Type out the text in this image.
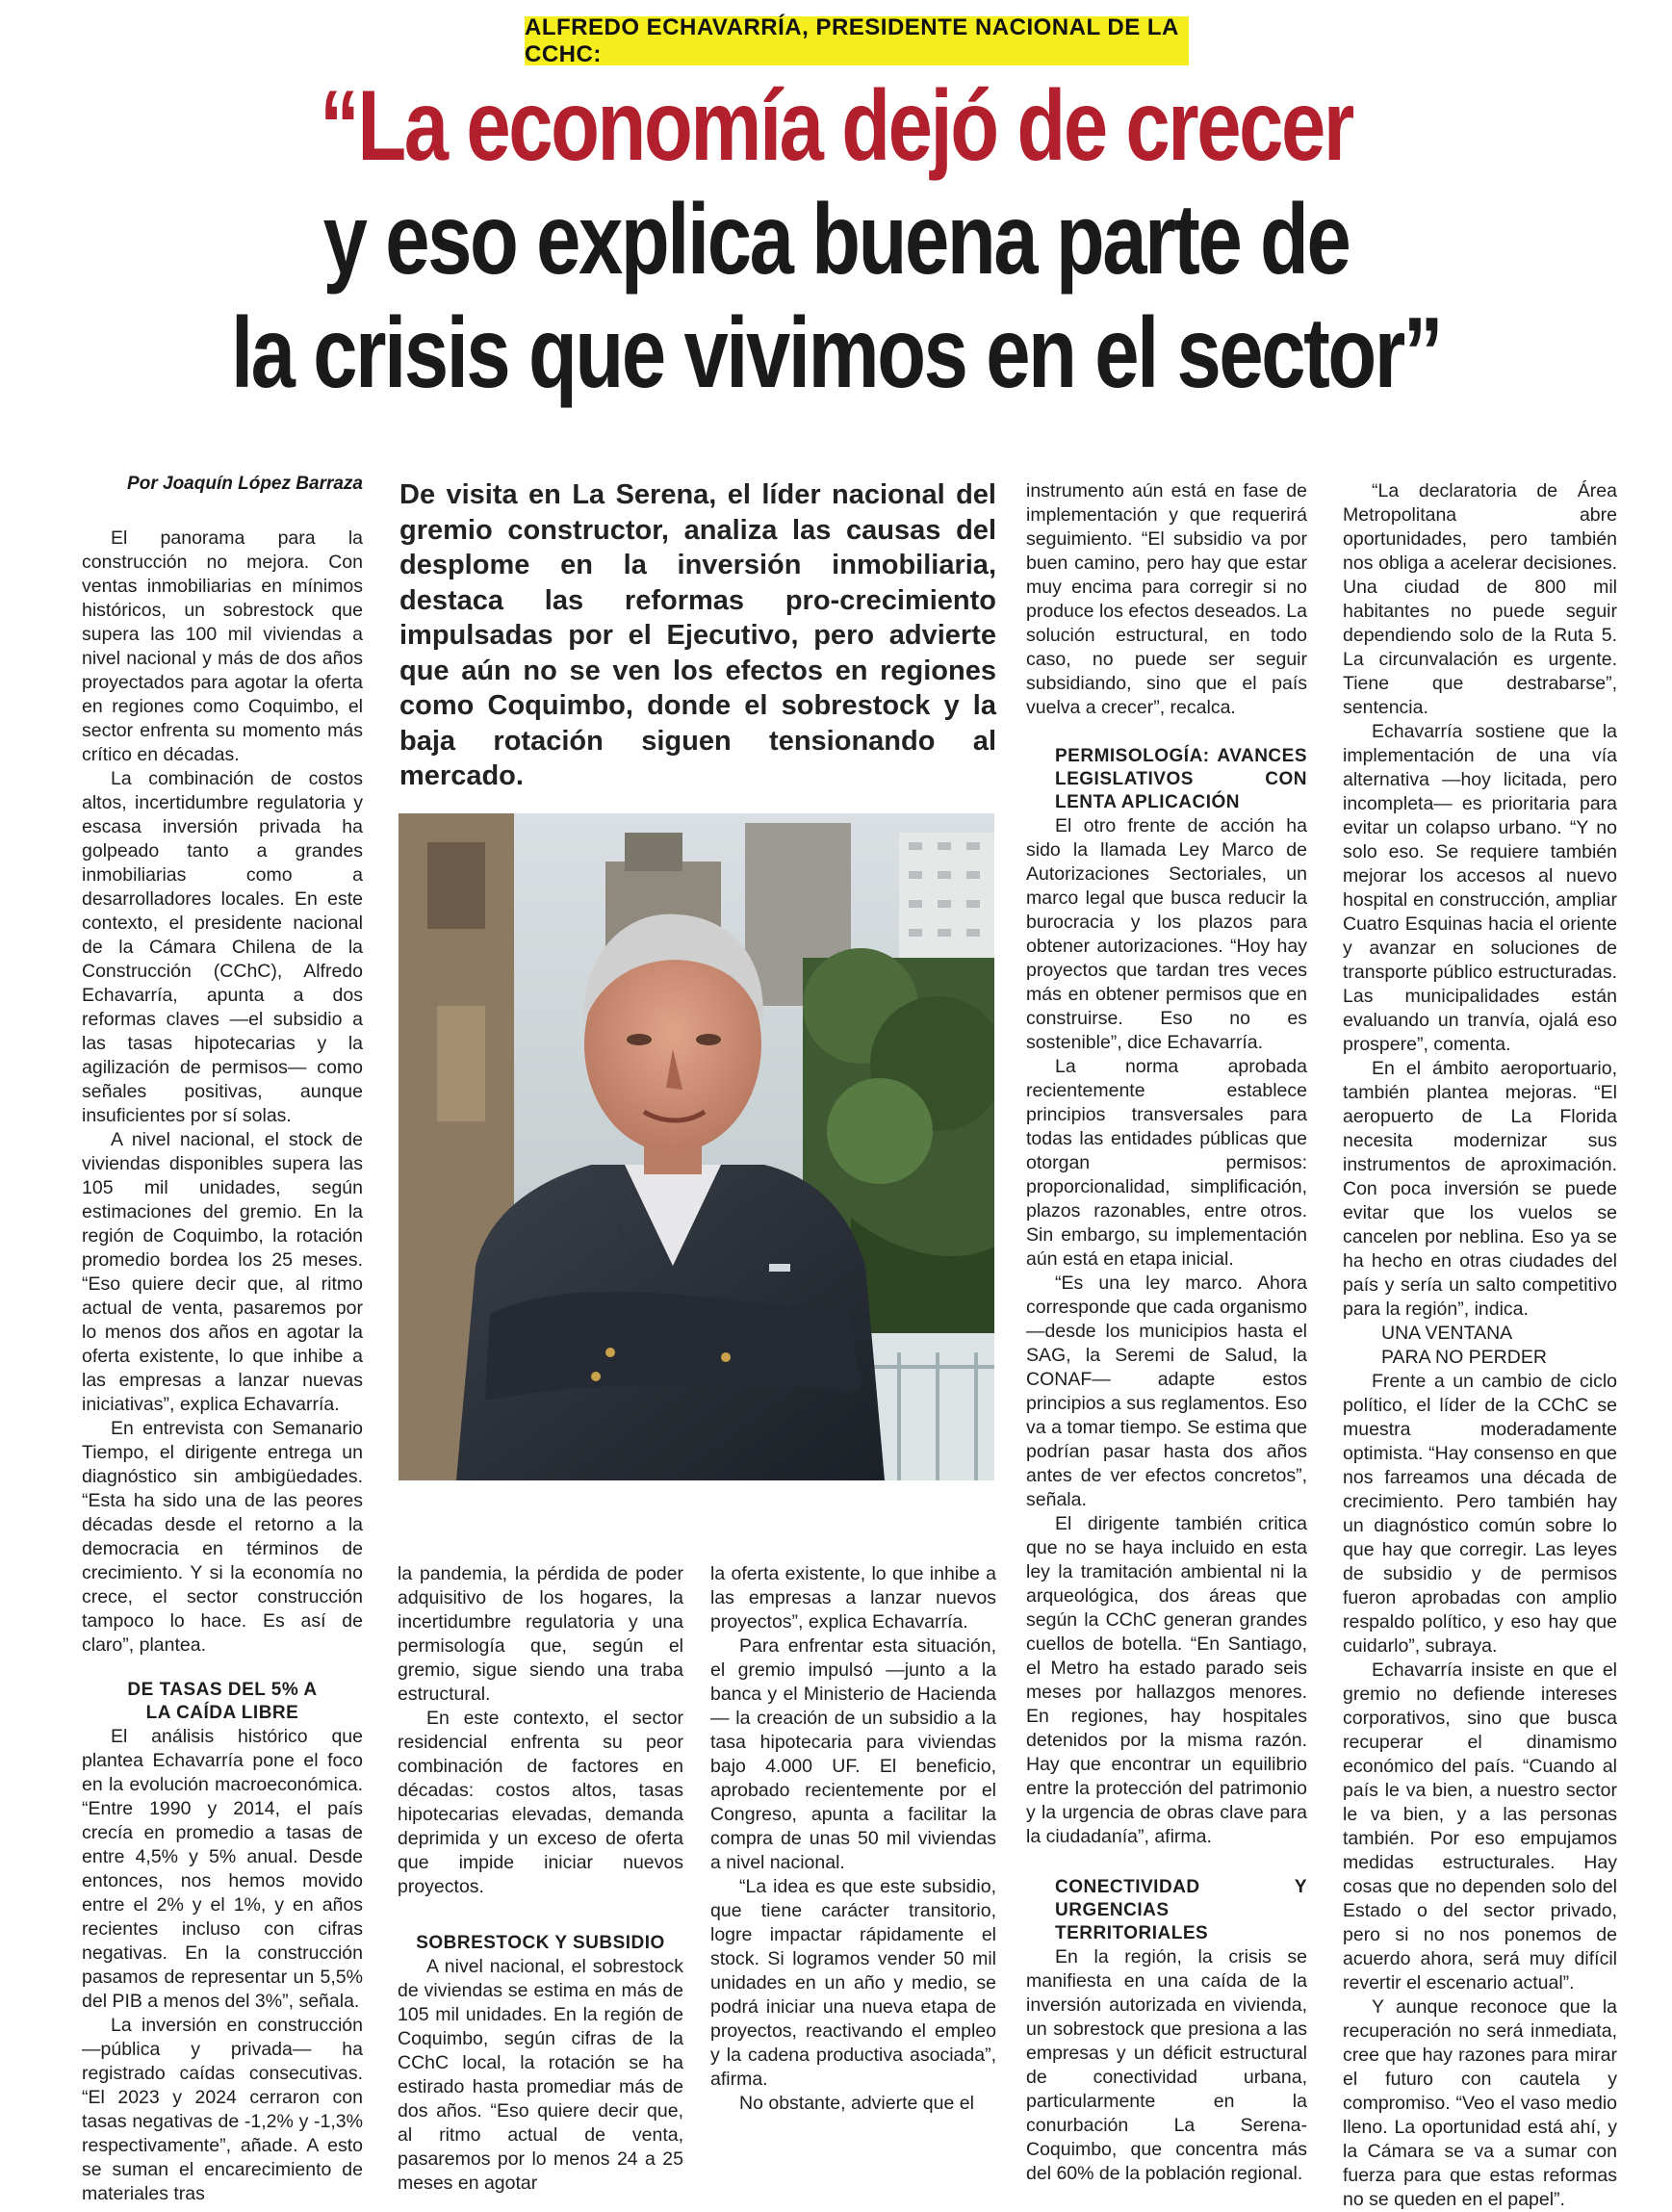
ALFREDO ECHAVARRÍA, PRESIDENTE NACIONAL DE LA CCHC:
“La economía dejó de crecer
y eso explica buena parte de
la crisis que vivimos en el sector”
Por Joaquín López Barraza

El panorama para la construcción no mejora. Con ventas inmobiliarias en mínimos históricos, un sobrestock que supera las 100 mil viviendas a nivel nacional y más de dos años proyectados para agotar la oferta en regiones como Coquimbo, el sector enfrenta su momento más crítico en décadas.

La combinación de costos altos, incertidumbre regulatoria y escasa inversión privada ha golpeado tanto a grandes inmobiliarias como a desarrolladores locales. En este contexto, el presidente nacional de la Cámara Chilena de la Construcción (CChC), Alfredo Echavarría, apunta a dos reformas claves —el subsidio a las tasas hipotecarias y la agilización de permisos— como señales positivas, aunque insuficientes por sí solas.

A nivel nacional, el stock de viviendas disponibles supera las 105 mil unidades, según estimaciones del gremio. En la región de Coquimbo, la rotación promedio bordea los 25 meses. “Eso quiere decir que, al ritmo actual de venta, pasaremos por lo menos dos años en agotar la oferta existente, lo que inhibe a las empresas a lanzar nuevas iniciativas”, explica Echavarría.

En entrevista con Semanario Tiempo, el dirigente entrega un diagnóstico sin ambigüedades. “Esta ha sido una de las peores décadas desde el retorno a la democracia en términos de crecimiento. Y si la economía no crece, el sector construcción tampoco lo hace. Es así de claro”, plantea.

DE TASAS DEL 5% A LA CAÍDA LIBRE

El análisis histórico que plantea Echavarría pone el foco en la evolución macroeconómica. “Entre 1990 y 2014, el país crecía en promedio a tasas de entre 4,5% y 5% anual. Desde entonces, nos hemos movido entre el 2% y el 1%, y en años recientes incluso con cifras negativas. En la construcción pasamos de representar un 5,5% del PIB a menos del 3%”, señala.

La inversión en construcción —pública y privada— ha registrado caídas consecutivas. “El 2023 y 2024 cerraron con tasas negativas de -1,2% y -1,3% respectivamente”, añade. A esto se suman el encarecimiento de materiales tras

De visita en La Serena, el líder nacional del gremio constructor, analiza las causas del desplome en la inversión inmobiliaria, destaca las reformas pro-crecimiento impulsadas por el Ejecutivo, pero advierte que aún no se ven los efectos en regiones como Coquimbo, donde el sobrestock y la baja rotación siguen tensionando al mercado.

la pandemia, la pérdida de poder adquisitivo de los hogares, la incertidumbre regulatoria y una permisología que, según el gremio, sigue siendo una traba estructural.

En este contexto, el sector residencial enfrenta su peor combinación de factores en décadas: costos altos, tasas hipotecarias elevadas, demanda deprimida y un exceso de oferta que impide iniciar nuevos proyectos.

SOBRESTOCK Y SUBSIDIO

A nivel nacional, el sobrestock de viviendas se estima en más de 105 mil unidades. En la región de Coquimbo, según cifras de la CChC local, la rotación se ha estirado hasta promediar más de dos años. “Eso quiere decir que, al ritmo actual de venta, pasaremos por lo menos 24 a 25 meses en agotar

la oferta existente, lo que inhibe a las empresas a lanzar nuevos proyectos”, explica Echavarría.

Para enfrentar esta situación, el gremio impulsó —junto a la banca y el Ministerio de Hacienda— la creación de un subsidio a la tasa hipotecaria para viviendas bajo 4.000 UF. El beneficio, aprobado recientemente por el Congreso, apunta a facilitar la compra de unas 50 mil viviendas a nivel nacional.

“La idea es que este subsidio, que tiene carácter transitorio, logre impactar rápidamente el stock. Si logramos vender 50 mil unidades en un año y medio, se podrá iniciar una nueva etapa de proyectos, reactivando el empleo y la cadena productiva asociada”, afirma.

No obstante, advierte que el

instrumento aún está en fase de implementación y que requerirá seguimiento. “El subsidio va por buen camino, pero hay que estar muy encima para corregir si no produce los efectos deseados. La solución estructural, en todo caso, no puede ser seguir subsidiando, sino que el país vuelva a crecer”, recalca.

PERMISOLOGÍA: AVANCES LEGISLATIVOS CON LENTA APLICACIÓN

El otro frente de acción ha sido la llamada Ley Marco de Autorizaciones Sectoriales, un marco legal que busca reducir la burocracia y los plazos para obtener autorizaciones. “Hoy hay proyectos que tardan tres veces más en obtener permisos que en construirse. Eso no es sostenible”, dice Echavarría.

La norma aprobada recientemente establece principios transversales para todas las entidades públicas que otorgan permisos: proporcionalidad, simplificación, plazos razonables, entre otros. Sin embargo, su implementación aún está en etapa inicial.

“Es una ley marco. Ahora corresponde que cada organismo —desde los municipios hasta el SAG, la Seremi de Salud, la CONAF— adapte estos principios a sus reglamentos. Eso va a tomar tiempo. Se estima que podrían pasar hasta dos años antes de ver efectos concretos”, señala.

El dirigente también critica que no se haya incluido en esta ley la tramitación ambiental ni la arqueológica, dos áreas que según la CChC generan grandes cuellos de botella. “En Santiago, el Metro ha estado parado seis meses por hallazgos menores. En regiones, hay hospitales detenidos por la misma razón. Hay que encontrar un equilibrio entre la protección del patrimonio y la urgencia de obras clave para la ciudadanía”, afirma.

CONECTIVIDAD Y URGENCIAS TERRITORIALES

En la región, la crisis se manifiesta en una caída de la inversión autorizada en vivienda, un sobrestock que presiona a las empresas y un déficit estructural de conectividad urbana, particularmente en la conurbación La Serena-Coquimbo, que concentra más del 60% de la población regional.

“La declaratoria de Área Metropolitana abre oportunidades, pero también nos obliga a acelerar decisiones. Una ciudad de 800 mil habitantes no puede seguir dependiendo solo de la Ruta 5. La circunvalación es urgente. Tiene que destrabarse”, sentencia.

Echavarría sostiene que la implementación de una vía alternativa —hoy licitada, pero incompleta— es prioritaria para evitar un colapso urbano. “Y no solo eso. Se requiere también mejorar los accesos al nuevo hospital en construcción, ampliar Cuatro Esquinas hacia el oriente y avanzar en soluciones de transporte público estructuradas. Las municipalidades están evaluando un tranvía, ojalá eso prospere”, comenta.

En el ámbito aeroportuario, también plantea mejoras. “El aeropuerto de La Florida necesita modernizar sus instrumentos de aproximación. Con poca inversión se puede evitar que los vuelos se cancelen por neblina. Eso ya se ha hecho en otras ciudades del país y sería un salto competitivo para la región”, indica.

UNA VENTANA

PARA NO PERDER

Frente a un cambio de ciclo político, el líder de la CChC se muestra moderadamente optimista. “Hay consenso en que nos farreamos una década de crecimiento. Pero también hay un diagnóstico común sobre lo que hay que corregir. Las leyes de subsidio y de permisos fueron aprobadas con amplio respaldo político, y eso hay que cuidarlo”, subraya.

Echavarría insiste en que el gremio no defiende intereses corporativos, sino que busca recuperar el dinamismo económico del país. “Cuando al país le va bien, a nuestro sector le va bien, y a las personas también. Por eso empujamos medidas estructurales. Hay cosas que no dependen solo del Estado o del sector privado, pero si no nos ponemos de acuerdo ahora, será muy difícil revertir el escenario actual”.

Y aunque reconoce que la recuperación no será inmediata, cree que hay razones para mirar el futuro con cautela y compromiso. “Veo el vaso medio lleno. La oportunidad está ahí, y la Cámara se va a sumar con fuerza para que estas reformas no se queden en el papel”.
